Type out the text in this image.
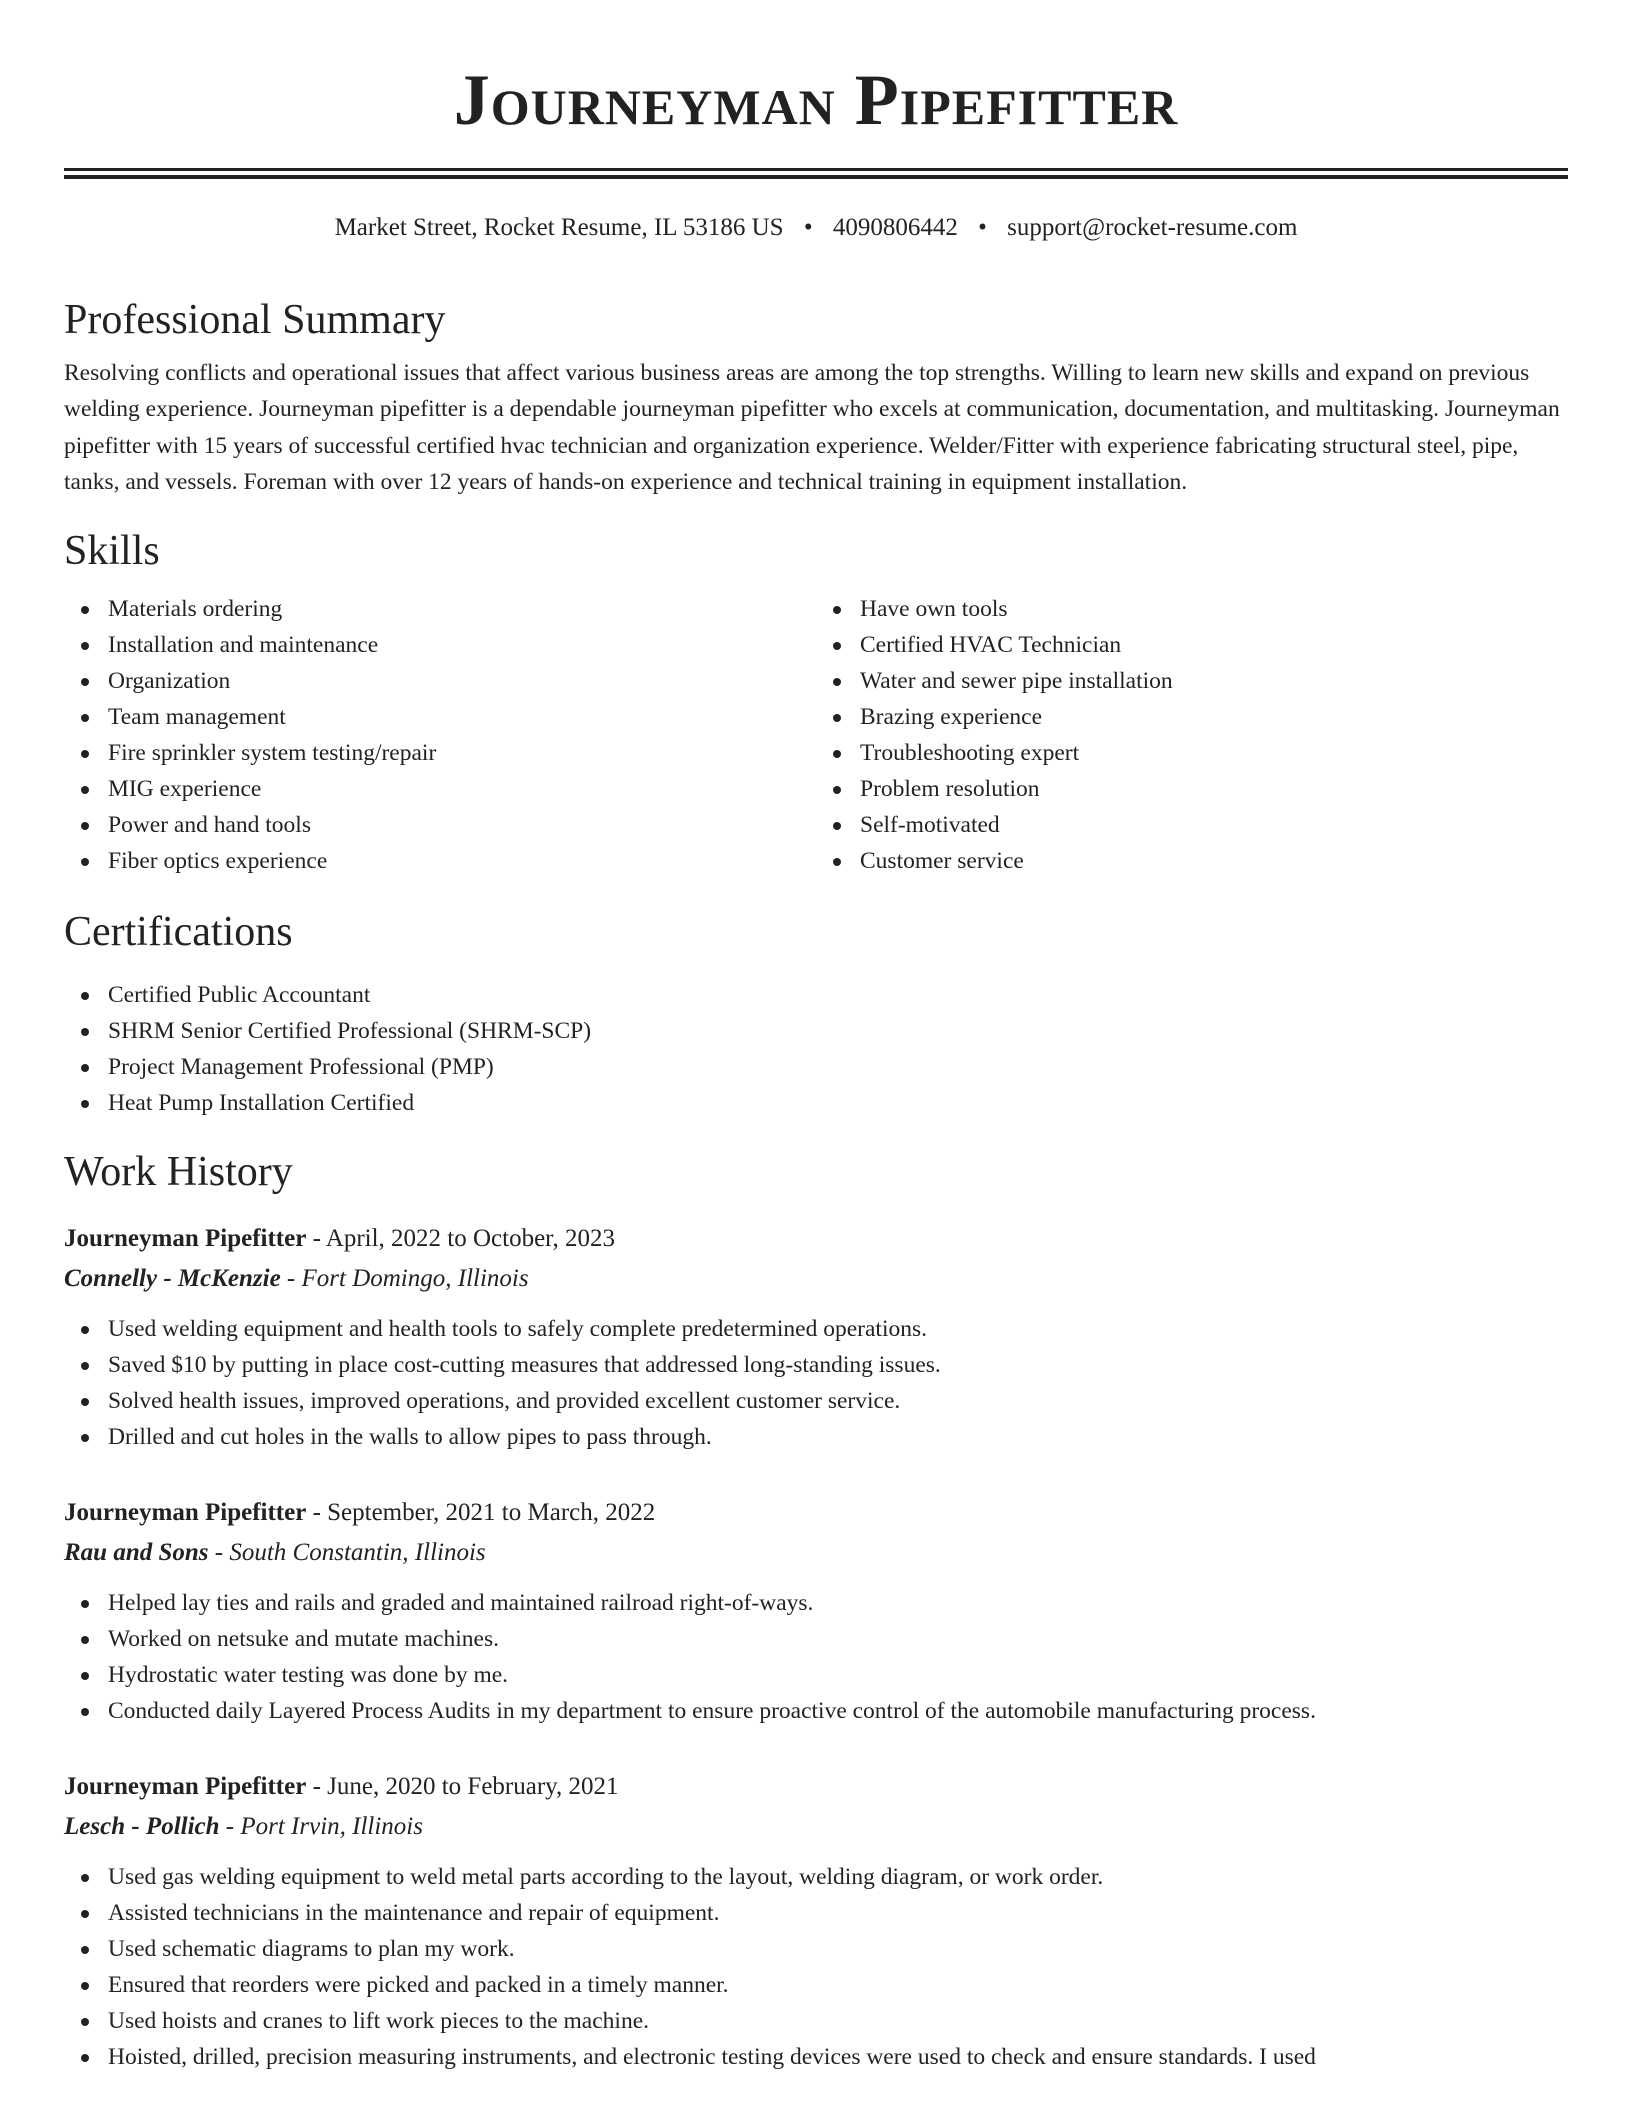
Journeyman Pipefitter
Market Street, Rocket Resume, IL 53186 US • 4090806442 • support@rocket-resume.com
Professional Summary

Resolving conflicts and operational issues that affect various business areas are among the top strengths. Willing to learn new skills and expand on previous welding experience. Journeyman pipefitter is a dependable journeyman pipefitter who excels at communication, documentation, and multitasking. Journeyman pipefitter with 15 years of successful certified hvac technician and organization experience. Welder/Fitter with experience fabricating structural steel, pipe, tanks, and vessels. Foreman with over 12 years of hands-on experience and technical training in equipment installation.

Skills
Materials ordering
Installation and maintenance
Organization
Team management
Fire sprinkler system testing/repair
MIG experience
Power and hand tools
Fiber optics experience
Have own tools
Certified HVAC Technician
Water and sewer pipe installation
Brazing experience
Troubleshooting expert
Problem resolution
Self-motivated
Customer service
Certifications
Certified Public Accountant
SHRM Senior Certified Professional (SHRM-SCP)
Project Management Professional (PMP)
Heat Pump Installation Certified
Work History
Journeyman Pipefitter - April, 2022 to October, 2023
Connelly - McKenzie - Fort Domingo, Illinois
Used welding equipment and health tools to safely complete predetermined operations.
Saved $10 by putting in place cost-cutting measures that addressed long-standing issues.
Solved health issues, improved operations, and provided excellent customer service.
Drilled and cut holes in the walls to allow pipes to pass through.
Journeyman Pipefitter - September, 2021 to March, 2022
Rau and Sons - South Constantin, Illinois
Helped lay ties and rails and graded and maintained railroad right-of-ways.
Worked on netsuke and mutate machines.
Hydrostatic water testing was done by me.
Conducted daily Layered Process Audits in my department to ensure proactive control of the automobile manufacturing process.
Journeyman Pipefitter - June, 2020 to February, 2021
Lesch - Pollich - Port Irvin, Illinois
Used gas welding equipment to weld metal parts according to the layout, welding diagram, or work order.
Assisted technicians in the maintenance and repair of equipment.
Used schematic diagrams to plan my work.
Ensured that reorders were picked and packed in a timely manner.
Used hoists and cranes to lift work pieces to the machine.
Hoisted, drilled, precision measuring instruments, and electronic testing devices were used to check and ensure standards. I used
